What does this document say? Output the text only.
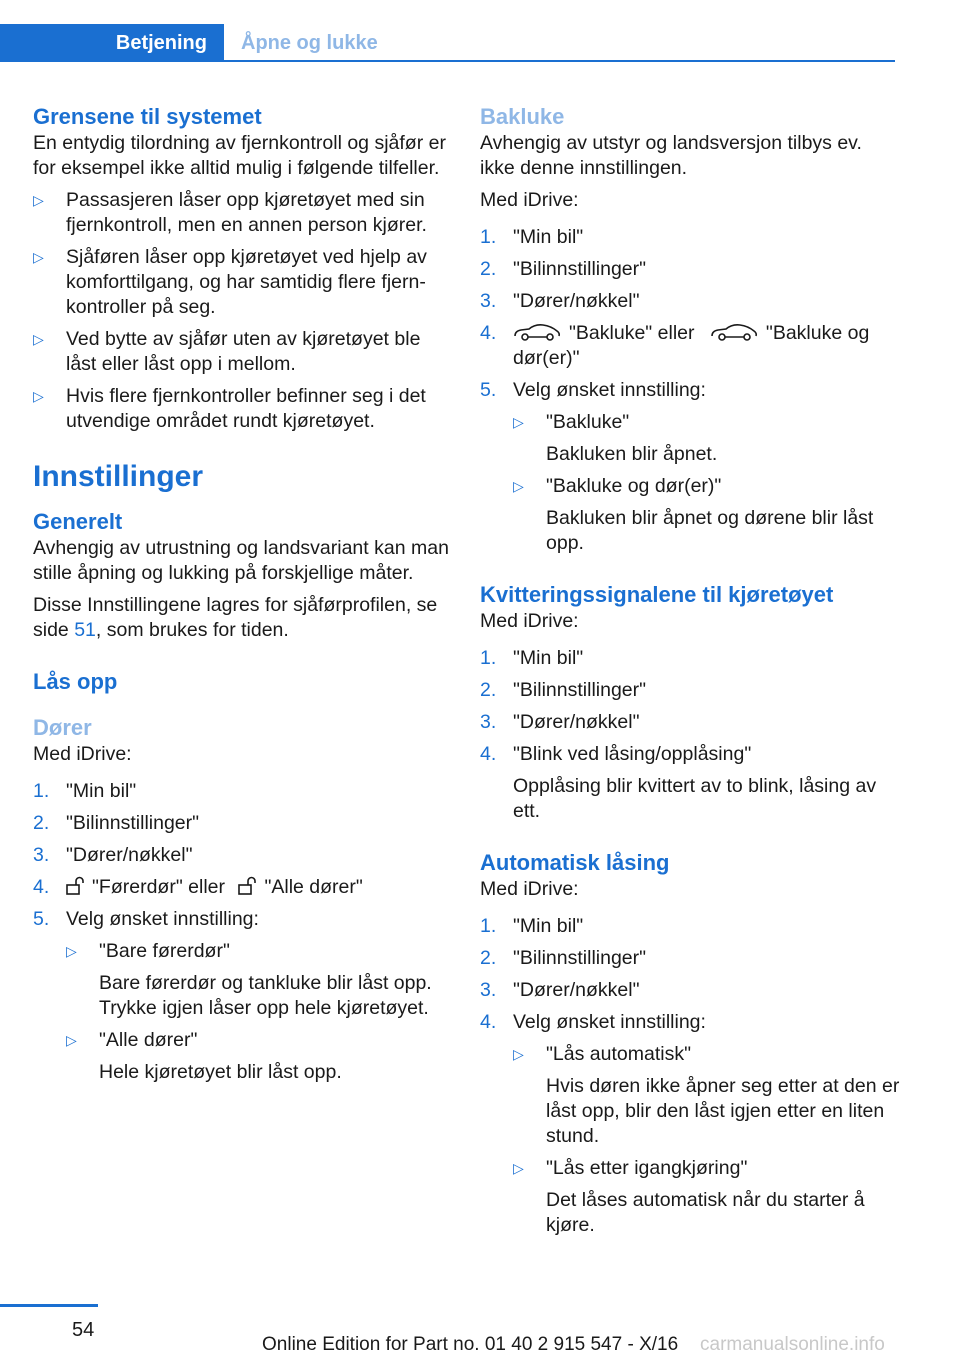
Betjening	Åpne og lukke
Grensene til systemet

En entydig tilordning av fjernkontroll og sjåfør er for eksempel ikke alltid mulig i følgende tilfeller.

▷	Passasjeren låser opp kjøretøyet med sin fjernkontroll, men en annen person kjører.
▷	Sjåføren låser opp kjøretøyet ved hjelp av komforttilgang, og har samtidig flere fjernkontroller på seg.
▷	Ved bytte av sjåfør uten av kjøretøyet ble låst eller låst opp i mellom.
▷	Hvis flere fjernkontroller befinner seg i det utvendige området rundt kjøretøyet.
Innstillinger
Generelt

Avhengig av utrustning og landsvariant kan man stille åpning og lukking på forskjellige måter.

Disse Innstillingene lagres for sjåførprofilen, se side 51, som brukes for tiden.

Lås opp
Dører

Med iDrive:

1. "Min bil"
2. "Bilinnstillinger"
3. "Dører/nøkkel"
4.	"Førerdør" eller "Alle dører"
5. Velg ønsket innstilling:
▷	"Bare førerdør"
Bare førerdør og tankluke blir låst opp. Trykke igjen låser opp hele kjøretøyet.
▷	"Alle dører"
Hele kjøretøyet blir låst opp.
Bakluke

Avhengig av utstyr og landsversjon tilbys ev. ikke denne innstillingen.

Med iDrive:

1. "Min bil"
2. "Bilinnstillinger"
3. "Dører/nøkkel"
4.	"Bakluke" eller	"Bakluke og dør(er)"
5. Velg ønsket innstilling:
▷	"Bakluke"
Bakluken blir åpnet.
▷	"Bakluke og dør(er)"
Bakluken blir åpnet og dørene blir låst opp.
Kvitteringssignalene til kjøretøyet

Med iDrive:

1. "Min bil"
2. "Bilinnstillinger"
3. "Dører/nøkkel"
4. "Blink ved låsing/opplåsing"
Opplåsing blir kvittert av to blink, låsing av ett.
Automatisk låsing

Med iDrive:

1. "Min bil"
2. "Bilinnstillinger"
3. "Dører/nøkkel"
4. Velg ønsket innstilling:
▷	"Lås automatisk"
Hvis døren ikke åpner seg etter at den er låst opp, blir den låst igjen etter en liten stund.
▷	"Lås etter igangkjøring"
Det låses automatisk når du starter å kjøre.
54
Online Edition for Part no. 01 40 2 915 547 - X/16 carmanualsonline.info
